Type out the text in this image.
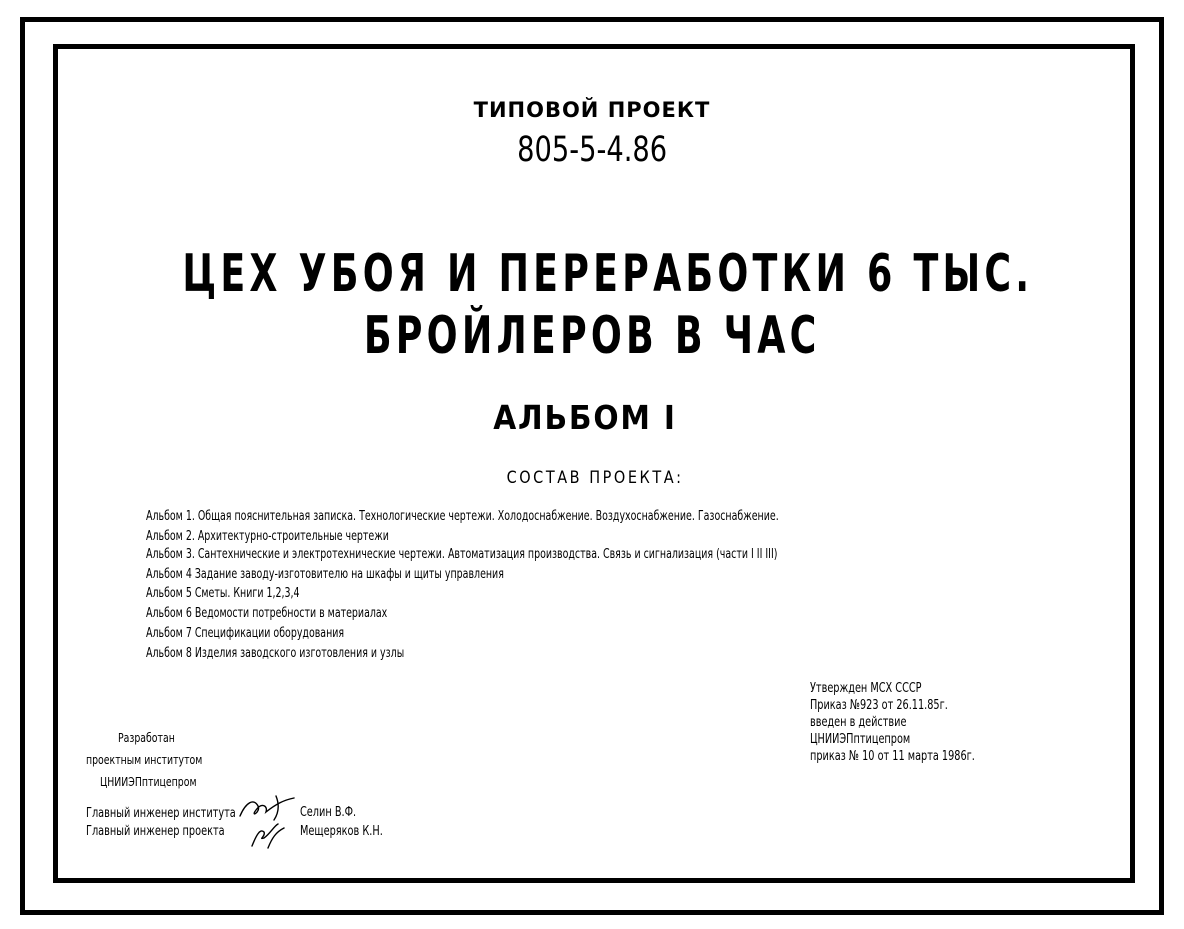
ТИПОВОЙ ПРОЕКТ
805-5-4.86
ЦЕХ УБОЯ И ПЕРЕРАБОТКИ 6 ТЫС.
БРОЙЛЕРОВ В ЧАС
АЛЬБОМ I
СОСТАВ ПРОЕКТА:
Альбом 1. Общая пояснительная записка. Технологические чертежи. Холодоснабжение. Воздухоснабжение. Газоснабжение.
Альбом 2. Архитектурно-строительные чертежи
Альбом 3. Сантехнические и электротехнические чертежи. Автоматизация производства. Связь и сигнализация (части I II III)
Альбом 4 Задание заводу-изготовителю на шкафы и щиты управления
Альбом 5 Сметы. Книги 1,2,3,4
Альбом 6 Ведомости потребности в материалах
Альбом 7 Спецификации оборудования
Альбом 8 Изделия заводского изготовления и узлы
Утвержден МСХ СССР
Приказ №923 от 26.11.85г.
введен в действие
ЦНИИЭПптицепром
приказ № 10 от 11 марта 1986г.
Разработан
проектным институтом
ЦНИИЭПптицепром
Главный инженер института
Главный инженер проекта
Селин В.Ф.
Мещеряков К.Н.
